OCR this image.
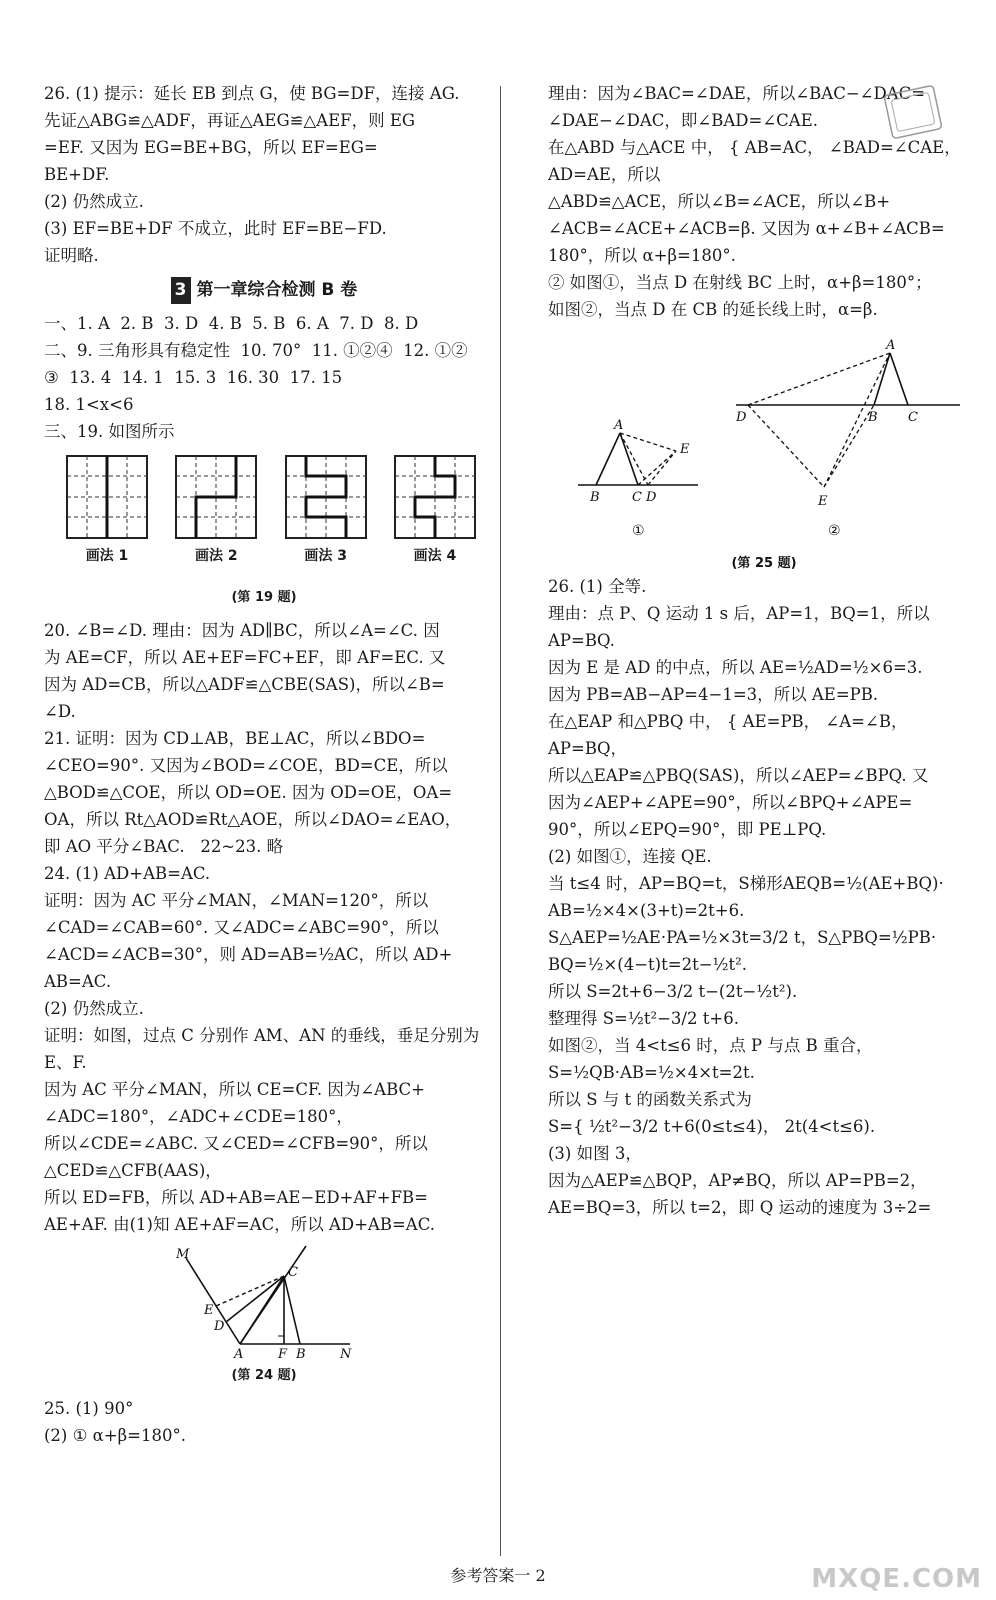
26. (1) 提示：延长 EB 到点 G，使 BG=DF，连接 AG.

先证△ABG≌△ADF，再证△AEG≌△AEF，则 EG

=EF. 又因为 EG=BE+BG，所以 EF=EG=

BE+DF.

(2) 仍然成立.

(3) EF=BE+DF 不成立，此时 EF=BE−FD.

证明略.

3 第一章综合检测 B 卷

一、1. A  2. B  3. D  4. B  5. B  6. A  7. D  8. D

二、9. 三角形具有稳定性  10. 70°  11. ①②④  12. ①②

③  13. 4  14. 1  15. 3  16. 30  17. 15

18. 1<x<6

三、19. 如图所示

画法 1	画法 2	画法 3	画法 4
(第 19 题)

20. ∠B=∠D. 理由：因为 AD∥BC，所以∠A=∠C. 因

为 AE=CF，所以 AE+EF=FC+EF，即 AF=EC. 又

因为 AD=CB，所以△ADF≌△CBE(SAS)，所以∠B=

∠D.

21. 证明：因为 CD⊥AB，BE⊥AC，所以∠BDO=

∠CEO=90°. 又因为∠BOD=∠COE，BD=CE，所以

△BOD≌△COE，所以 OD=OE. 因为 OD=OE，OA=

OA，所以 Rt△AOD≌Rt△AOE，所以∠DAO=∠EAO，

即 AO 平分∠BAC.   22~23. 略

24. (1) AD+AB=AC.

证明：因为 AC 平分∠MAN，∠MAN=120°，所以

∠CAD=∠CAB=60°. 又∠ADC=∠ABC=90°，所以

∠ACD=∠ACB=30°，则 AD=AB=½AC，所以 AD+

AB=AC.

(2) 仍然成立.

证明：如图，过点 C 分别作 AM、AN 的垂线，垂足分别为

E、F.

因为 AC 平分∠MAN，所以 CE=CF. 因为∠ABC+

∠ADC=180°，∠ADC+∠CDE=180°，

所以∠CDE=∠ABC. 又∠CED=∠CFB=90°，所以

△CED≌△CFB(AAS)，

所以 ED=FB，所以 AD+AB=AE−ED+AF+FB=

AE+AF. 由(1)知 AE+AF=AC，所以 AD+AB=AC.

M
C
E
D
A	F B	N
(第 24 题)

25. (1) 90°

(2) ① α+β=180°.

理由：因为∠BAC=∠DAE，所以∠BAC−∠DAC=

∠DAE−∠DAC，即∠BAD=∠CAE.

在△ABD 与△ACE 中， { AB=AC， ∠BAD=∠CAE， AD=AE，所以

△ABD≌△ACE，所以∠B=∠ACE，所以∠B+

∠ACB=∠ACE+∠ACB=β. 又因为 α+∠B+∠ACB=

180°，所以 α+β=180°.

② 如图①，当点 D 在射线 BC 上时，α+β=180°；

如图②，当点 D 在 CB 的延长线上时，α=β.

A
B C D
E
A
D	B C
E
①	②
(第 25 题)

26. (1) 全等.

理由：点 P、Q 运动 1 s 后，AP=1，BQ=1，所以 AP=BQ.

因为 E 是 AD 的中点，所以 AE=½AD=½×6=3.

因为 PB=AB−AP=4−1=3，所以 AE=PB.

在△EAP 和△PBQ 中， { AE=PB， ∠A=∠B， AP=BQ，

所以△EAP≌△PBQ(SAS)，所以∠AEP=∠BPQ. 又

因为∠AEP+∠APE=90°，所以∠BPQ+∠APE=

90°，所以∠EPQ=90°，即 PE⊥PQ.

(2) 如图①，连接 QE.

当 t≤4 时，AP=BQ=t，S梯形AEQB=½(AE+BQ)·

AB=½×4×(3+t)=2t+6.

S△AEP=½AE·PA=½×3t=3/2 t，S△PBQ=½PB·

BQ=½×(4−t)t=2t−½t².

所以 S=2t+6−3/2 t−(2t−½t²).

整理得 S=½t²−3/2 t+6.

如图②，当 4<t≤6 时，点 P 与点 B 重合，

S=½QB·AB=½×4×t=2t.

所以 S 与 t 的函数关系式为

S={ ½t²−3/2 t+6(0≤t≤4)， 2t(4<t≤6).

(3) 如图 3，

因为△AEP≌△BQP，AP≠BQ，所以 AP=PB=2，

AE=BQ=3，所以 t=2，即 Q 运动的速度为 3÷2=

参考答案一 2	MXQE.COM
